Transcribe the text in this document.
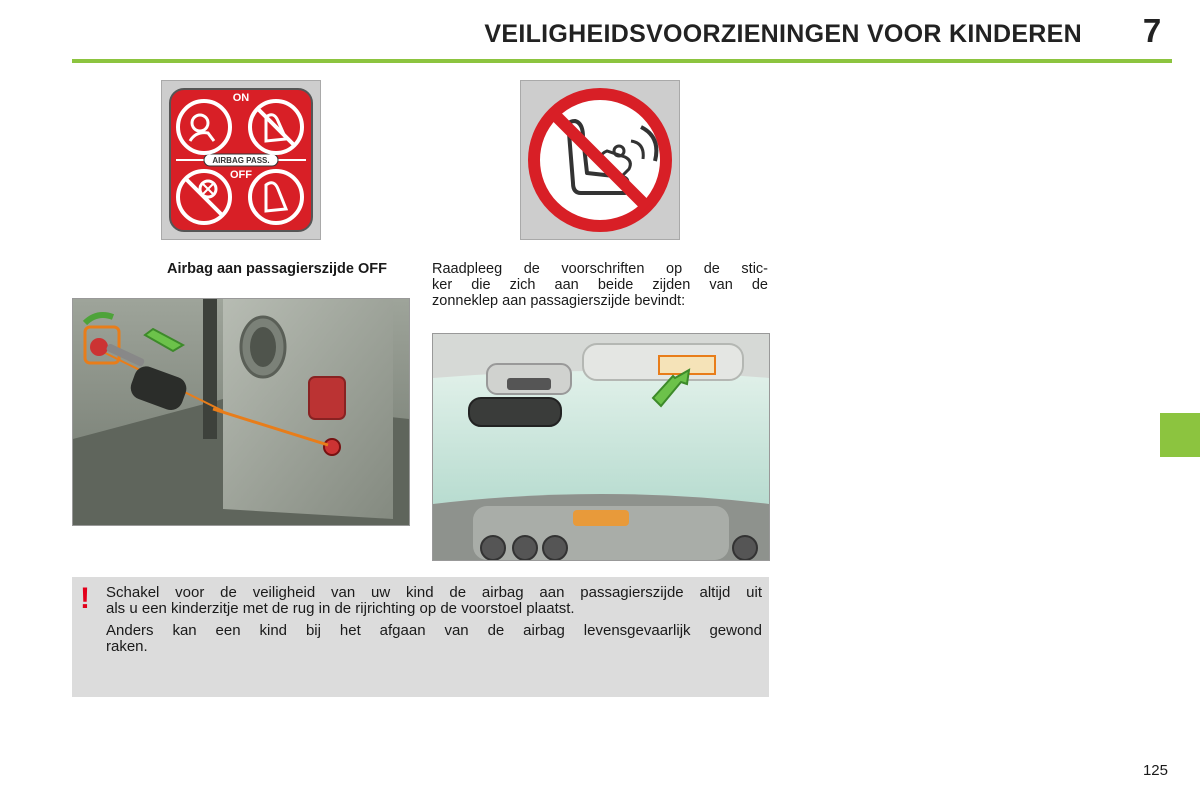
VEILIGHEIDSVOORZIENINGEN VOOR KINDEREN	7
AIRBAG PASS.
ON
OFF
Airbag aan passagierszijde OFF	Raadpleeg de voorschriften op de stic-
ker die zich aan beide zijden van de
zonneklep aan passagierszijde bevindt:
! Schakel voor de veiligheid van uw kind de airbag aan passagierszijde altijd uit
als u een kinderzitje met de rug in de rijrichting op de voorstoel plaatst.
Anders kan een kind bij het afgaan van de airbag levensgevaarlijk gewond
raken.
125
